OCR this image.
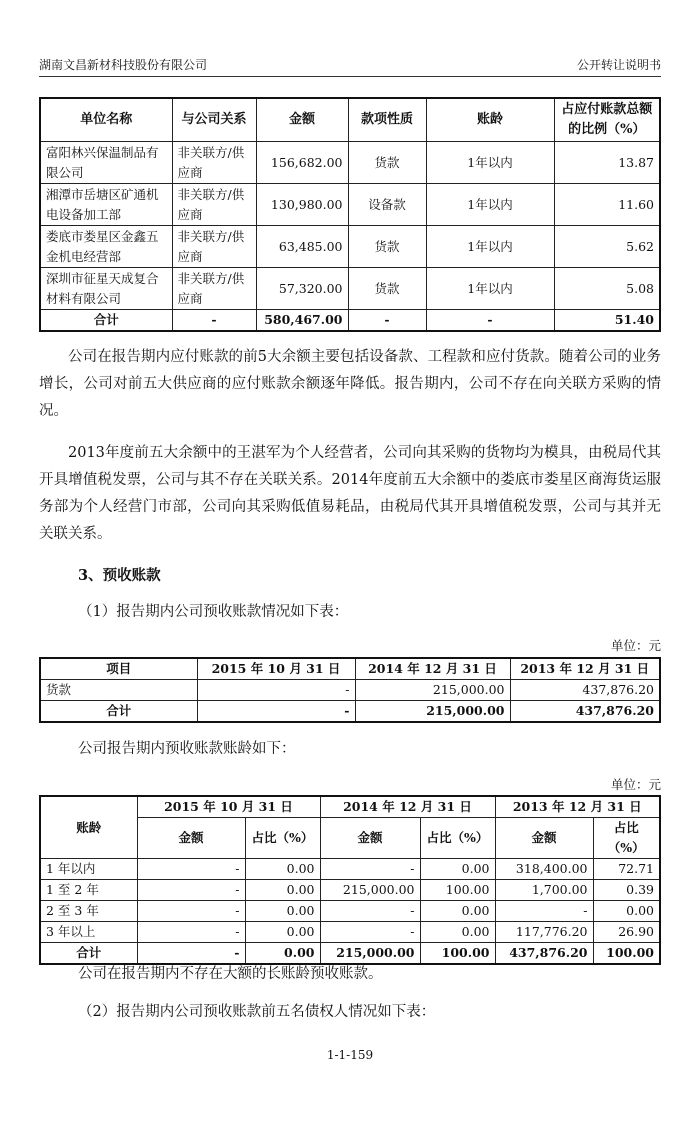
湖南文昌新材科技股份有限公司	公开转让说明书
单位名称	与公司关系	金额	款项性质	账龄	占应付账款总额的比例（%）
富阳林兴保温制品有限公司	非关联方/供应商	156,682.00	货款	1年以内	13.87
湘潭市岳塘区矿通机电设备加工部	非关联方/供应商	130,980.00	设备款	1年以内	11.60
娄底市娄星区金鑫五金机电经营部	非关联方/供应商	63,485.00	货款	1年以内	5.62
深圳市征星天成复合材料有限公司	非关联方/供应商	57,320.00	货款	1年以内	5.08
合计	-	580,467.00	-	-	51.40

公司在报告期内应付账款的前5大余额主要包括设备款、工程款和应付货款。随着公司的业务增长，公司对前五大供应商的应付账款余额逐年降低。报告期内，公司不存在向关联方采购的情况。

2013年度前五大余额中的王湛军为个人经营者，公司向其采购的货物均为模具，由税局代其开具增值税发票，公司与其不存在关联关系。2014年度前五大余额中的娄底市娄星区商海货运服务部为个人经营门市部，公司向其采购低值易耗品，由税局代其开具增值税发票，公司与其并无关联关系。

3、预收账款
（1）报告期内公司预收账款情况如下表：
单位：元
项目	2015 年 10 月 31 日	2014 年 12 月 31 日	2013 年 12 月 31 日
货款	-	215,000.00	437,876.20
合计	-	215,000.00	437,876.20
公司报告期内预收账款账龄如下：
单位：元
账龄	2015 年 10 月 31 日		2014 年 12 月 31 日		2013 年 12 月 31 日	
	金额	占比（%）	金额	占比（%）	金额	占比（%）
1 年以内	-	0.00	-	0.00	318,400.00	72.71
1 至 2 年	-	0.00	215,000.00	100.00	1,700.00	0.39
2 至 3 年	-	0.00	-	0.00	-	0.00
3 年以上	-	0.00	-	0.00	117,776.20	26.90
合计	-	0.00	215,000.00	100.00	437,876.20	100.00
公司在报告期内不存在大额的长账龄预收账款。
（2）报告期内公司预收账款前五名债权人情况如下表：
1-1-159
